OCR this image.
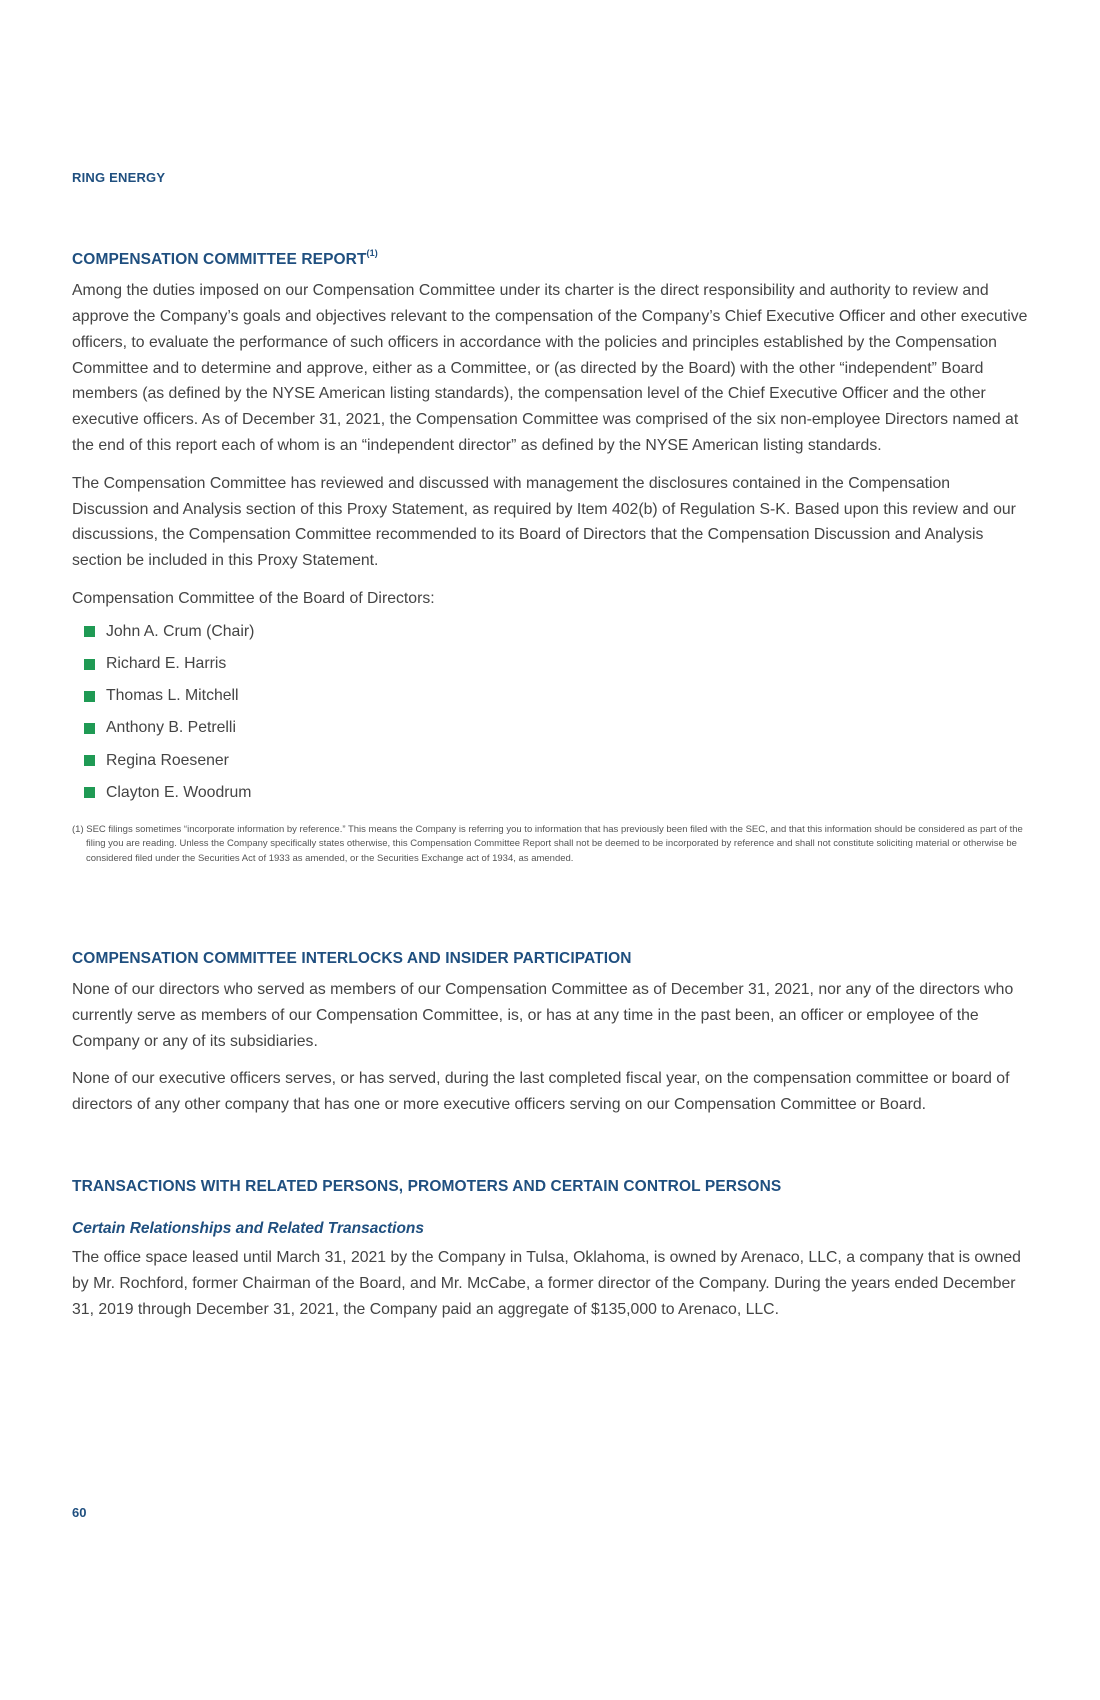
RING ENERGY
COMPENSATION COMMITTEE REPORT$^{(1)}$

Among the duties imposed on our Compensation Committee under its charter is the direct responsibility and authority to review and approve the Company’s goals and objectives relevant to the compensation of the Company’s Chief Executive Officer and other executive officers, to evaluate the performance of such officers in accordance with the policies and principles established by the Compensation Committee and to determine and approve, either as a Committee, or (as directed by the Board) with the other “independent” Board members (as defined by the NYSE American listing standards), the compensation level of the Chief Executive Officer and the other executive officers. As of December 31, 2021, the Compensation Committee was comprised of the six non-employee Directors named at the end of this report each of whom is an “independent director” as defined by the NYSE American listing standards.

The Compensation Committee has reviewed and discussed with management the disclosures contained in the Compensation Discussion and Analysis section of this Proxy Statement, as required by Item 402(b) of Regulation S-K. Based upon this review and our discussions, the Compensation Committee recommended to its Board of Directors that the Compensation Discussion and Analysis section be included in this Proxy Statement.

Compensation Committee of the Board of Directors:

John A. Crum (Chair)
Richard E. Harris
Thomas L. Mitchell
Anthony B. Petrelli
Regina Roesener
Clayton E. Woodrum

(1) SEC filings sometimes “incorporate information by reference.” This means the Company is referring you to information that has previously been filed with the SEC, and that this information should be considered as part of the filing you are reading. Unless the Company specifically states otherwise, this Compensation Committee Report shall not be deemed to be incorporated by reference and shall not constitute soliciting material or otherwise be considered filed under the Securities Act of 1933 as amended, or the Securities Exchange act of 1934, as amended.

COMPENSATION COMMITTEE INTERLOCKS AND INSIDER PARTICIPATION

None of our directors who served as members of our Compensation Committee as of December 31, 2021, nor any of the directors who currently serve as members of our Compensation Committee, is, or has at any time in the past been, an officer or employee of the Company or any of its subsidiaries.

None of our executive officers serves, or has served, during the last completed fiscal year, on the compensation committee or board of directors of any other company that has one or more executive officers serving on our Compensation Committee or Board.

TRANSACTIONS WITH RELATED PERSONS, PROMOTERS AND CERTAIN CONTROL PERSONS
Certain Relationships and Related Transactions

The office space leased until March 31, 2021 by the Company in Tulsa, Oklahoma, is owned by Arenaco, LLC, a company that is owned by Mr. Rochford, former Chairman of the Board, and Mr. McCabe, a former director of the Company. During the years ended December 31, 2019 through December 31, 2021, the Company paid an aggregate of $135,000 to Arenaco, LLC.

60
